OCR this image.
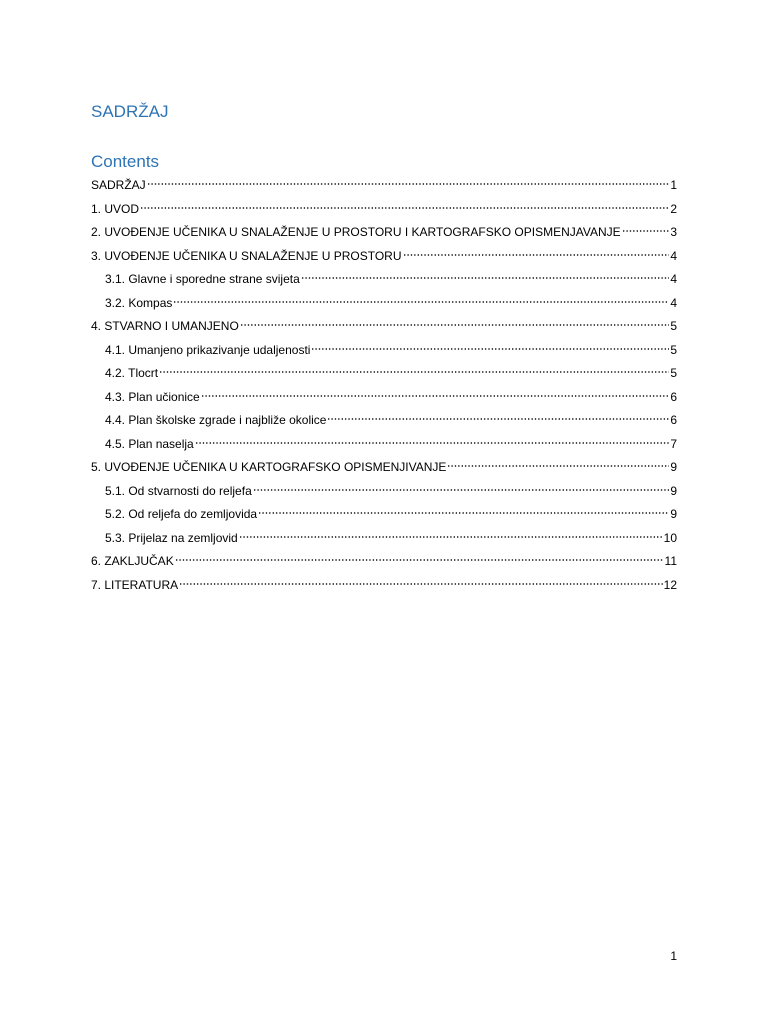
SADRŽAJ
Contents
SADRŽAJ	1
1. UVOD	2
2. UVOĐENJE UČENIKA U SNALAŽENJE U PROSTORU I KARTOGRAFSKO OPISMENJAVANJE	3
3. UVOĐENJE UČENIKA U SNALAŽENJE U PROSTORU	4
3.1. Glavne i sporedne strane svijeta	4
3.2. Kompas	4
4. STVARNO I UMANJENO	5
4.1. Umanjeno prikazivanje udaljenosti	5
4.2. Tlocrt	5
4.3. Plan učionice	6
4.4. Plan školske zgrade i najbliže okolice	6
4.5. Plan naselja	7
5. UVOĐENJE UČENIKA U KARTOGRAFSKO OPISMENJIVANJE	9
5.1. Od stvarnosti do reljefa	9
5.2. Od reljefa do zemljovida	9
5.3. Prijelaz na zemljovid	10
6. ZAKLJUČAK	11
7. LITERATURA	12
1
